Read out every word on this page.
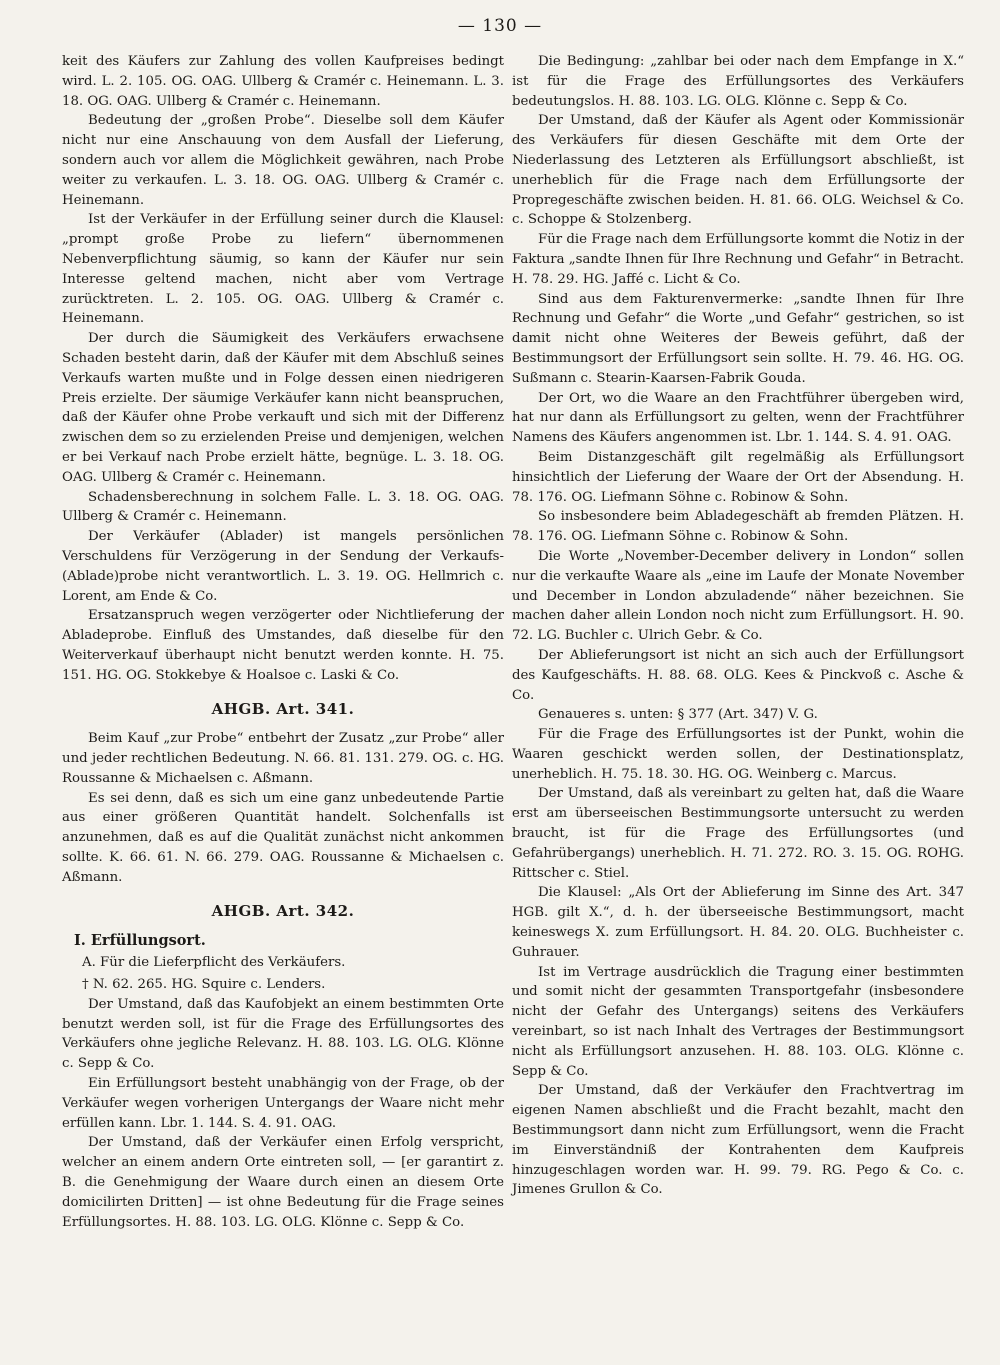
— 130 —

keit des Käufers zur Zahlung des vollen Kaufpreises bedingt wird. L. 2. 105. OG. OAG. Ullberg & Cramér c. Heinemann. L. 3. 18. OG. OAG. Ullberg & Cramér c. Heinemann.

Bedeutung der „großen Probe“. Dieselbe soll dem Käufer nicht nur eine Anschauung von dem Ausfall der Lieferung, sondern auch vor allem die Möglichkeit gewähren, nach Probe weiter zu verkaufen. L. 3. 18. OG. OAG. Ullberg & Cramér c. Heinemann.

Ist der Verkäufer in der Erfüllung seiner durch die Klausel: „prompt große Probe zu liefern“ übernommenen Nebenverpflichtung säumig, so kann der Käufer nur sein Interesse geltend machen, nicht aber vom Vertrage zurücktreten. L. 2. 105. OG. OAG. Ullberg & Cramér c. Heinemann.

Der durch die Säumigkeit des Verkäufers erwachsene Schaden besteht darin, daß der Käufer mit dem Abschluß seines Verkaufs warten mußte und in Folge dessen einen niedrigeren Preis erzielte. Der säumige Verkäufer kann nicht beanspruchen, daß der Käufer ohne Probe verkauft und sich mit der Differenz zwischen dem so zu erzielenden Preise und demjenigen, welchen er bei Verkauf nach Probe erzielt hätte, begnüge. L. 3. 18. OG. OAG. Ullberg & Cramér c. Heinemann.

Schadensberechnung in solchem Falle. L. 3. 18. OG. OAG. Ullberg & Cramér c. Heinemann.

Der Verkäufer (Ablader) ist mangels persönlichen Verschuldens für Verzögerung in der Sendung der Verkaufs-(Ablade)probe nicht verantwortlich. L. 3. 19. OG. Hellmrich c. Lorent, am Ende & Co.

Ersatzanspruch wegen verzögerter oder Nichtlieferung der Abladeprobe. Einfluß des Umstandes, daß dieselbe für den Weiterverkauf überhaupt nicht benutzt werden konnte. H. 75. 151. HG. OG. Stokkebye & Hoalsoe c. Laski & Co.

AHGB. Art. 341.

Beim Kauf „zur Probe“ entbehrt der Zusatz „zur Probe“ aller und jeder rechtlichen Bedeutung. N. 66. 81. 131. 279. OG. c. HG. Roussanne & Michaelsen c. Aßmann.

Es sei denn, daß es sich um eine ganz unbedeutende Partie aus einer größeren Quantität handelt. Solchenfalls ist anzunehmen, daß es auf die Qualität zunächst nicht ankommen sollte. K. 66. 61. N. 66. 279. OAG. Roussanne & Michaelsen c. Aßmann.

AHGB. Art. 342.

I. Erfüllungsort.

A. Für die Lieferpflicht des Verkäufers.

† N. 62. 265. HG. Squire c. Lenders.

Der Umstand, daß das Kaufobjekt an einem bestimmten Orte benutzt werden soll, ist für die Frage des Erfüllungsortes des Verkäufers ohne jegliche Relevanz. H. 88. 103. LG. OLG. Klönne c. Sepp & Co.

Ein Erfüllungsort besteht unabhängig von der Frage, ob der Verkäufer wegen vorherigen Untergangs der Waare nicht mehr erfüllen kann. Lbr. 1. 144. S. 4. 91. OAG.

Der Umstand, daß der Verkäufer einen Erfolg verspricht, welcher an einem andern Orte eintreten soll, — [er garantirt z. B. die Genehmigung der Waare durch einen an diesem Orte domicilirten Dritten] — ist ohne Bedeutung für die Frage seines Erfüllungsortes. H. 88. 103. LG. OLG. Klönne c. Sepp & Co.

Die Bedingung: „zahlbar bei oder nach dem Empfange in X.“ ist für die Frage des Erfüllungsortes des Verkäufers bedeutungslos. H. 88. 103. LG. OLG. Klönne c. Sepp & Co.

Der Umstand, daß der Käufer als Agent oder Kommissionär des Verkäufers für diesen Geschäfte mit dem Orte der Niederlassung des Letzteren als Erfüllungsort abschließt, ist unerheblich für die Frage nach dem Erfüllungsorte der Propregeschäfte zwischen beiden. H. 81. 66. OLG. Weichsel & Co. c. Schoppe & Stolzenberg.

Für die Frage nach dem Erfüllungsorte kommt die Notiz in der Faktura „sandte Ihnen für Ihre Rechnung und Gefahr“ in Betracht. H. 78. 29. HG. Jaffé c. Licht & Co.

Sind aus dem Fakturenvermerke: „sandte Ihnen für Ihre Rechnung und Gefahr“ die Worte „und Gefahr“ gestrichen, so ist damit nicht ohne Weiteres der Beweis geführt, daß der Bestimmungsort der Erfüllungsort sein sollte. H. 79. 46. HG. OG. Sußmann c. Stearin-Kaarsen-Fabrik Gouda.

Der Ort, wo die Waare an den Frachtführer übergeben wird, hat nur dann als Erfüllungsort zu gelten, wenn der Frachtführer Namens des Käufers angenommen ist. Lbr. 1. 144. S. 4. 91. OAG.

Beim Distanzgeschäft gilt regelmäßig als Erfüllungsort hinsichtlich der Lieferung der Waare der Ort der Absendung. H. 78. 176. OG. Liefmann Söhne c. Robinow & Sohn.

So insbesondere beim Abladegeschäft ab fremden Plätzen. H. 78. 176. OG. Liefmann Söhne c. Robinow & Sohn.

Die Worte „November-December delivery in London“ sollen nur die verkaufte Waare als „eine im Laufe der Monate November und December in London abzuladende“ näher bezeichnen. Sie machen daher allein London noch nicht zum Erfüllungsort. H. 90. 72. LG. Buchler c. Ulrich Gebr. & Co.

Der Ablieferungsort ist nicht an sich auch der Erfüllungsort des Kaufgeschäfts. H. 88. 68. OLG. Kees & Pinckvoß c. Asche & Co.

Genaueres s. unten: § 377 (Art. 347) V. G.

Für die Frage des Erfüllungsortes ist der Punkt, wohin die Waaren geschickt werden sollen, der Destinationsplatz, unerheblich. H. 75. 18. 30. HG. OG. Weinberg c. Marcus.

Der Umstand, daß als vereinbart zu gelten hat, daß die Waare erst am überseeischen Bestimmungsorte untersucht zu werden braucht, ist für die Frage des Erfüllungsortes (und Gefahrübergangs) unerheblich. H. 71. 272. RO. 3. 15. OG. ROHG. Rittscher c. Stiel.

Die Klausel: „Als Ort der Ablieferung im Sinne des Art. 347 HGB. gilt X.“, d. h. der überseeische Bestimmungsort, macht keineswegs X. zum Erfüllungsort. H. 84. 20. OLG. Buchheister c. Guhrauer.

Ist im Vertrage ausdrücklich die Tragung einer bestimmten und somit nicht der gesammten Transportgefahr (insbesondere nicht der Gefahr des Untergangs) seitens des Verkäufers vereinbart, so ist nach Inhalt des Vertrages der Bestimmungsort nicht als Erfüllungsort anzusehen. H. 88. 103. OLG. Klönne c. Sepp & Co.

Der Umstand, daß der Verkäufer den Frachtvertrag im eigenen Namen abschließt und die Fracht bezahlt, macht den Bestimmungsort dann nicht zum Erfüllungsort, wenn die Fracht im Einverständniß der Kontrahenten dem Kaufpreis hinzugeschlagen worden war. H. 99. 79. RG. Pego & Co. c. Jimenes Grullon & Co.
